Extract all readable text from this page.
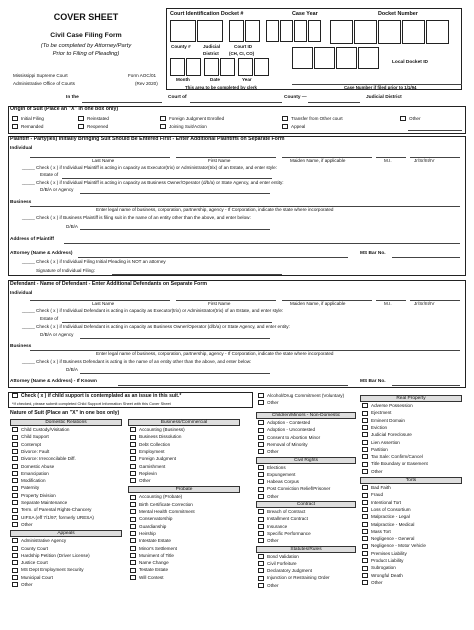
COVER SHEET
Civil Case Filing Form
(To be completed by Attorney/Party
Prior to Filing of Pleading)
Mississippi Supreme Court
Administrative Office of Courts
Form AOC/01
(Rev 2020)
Court Identification Docket #	Case Year	Docket Number
County #	Judicial
District
Court ID
(CH, CI, CO)
Local Docket ID
Month	Date	Year
This area to be completed by clerk	Case Number if filed prior to 1/1/94
In the	Court of	County —	Judicial District
Origin of Suit (Place an "X" in one box only)
Initial Filing	Reinstated	Foreign Judgment Enrolled	Transfer from Other court	Other
Remanded	Reopened	Joining Suit/Action	Appeal
Plaintiff - Party(ies) Initially Bringing Suit Should Be Entered First - Enter Additional Plaintiffs on Separate Form
Individual
Last Name	First Name	Maiden Name, if applicable	M.I.	Jr/Sr/III/IV
_____ Check ( x ) if Individual Plaintiff is acting in capacity as Executor(trix) or Administrator(trix) of an Estate, and enter style:
Estate of
_____ Check ( x ) if Individual Plaintiff is acting in capacity as Business Owner/Operator (d/b/a) or State Agency, and enter entity:
D/B/A or Agency
Business
Enter legal name of business, corporation, partnership, agency - If Corporation, indicate the state where incorporated
_____ Check ( x ) if Business Plaintiff is filing suit in the name of an entity other than the above, and enter below:
D/B/A
Address of Plaintiff
Attorney (Name & Address)	MS Bar No.
_____ Check ( x ) if Individual Filing Initial Pleading is NOT an attorney
Signature of Individual Filing:
Defendant - Name of Defendant - Enter Additional Defendants on Separate Form
Individual
Last Name	First Name	Maiden Name, if applicable	M.I.	Jr/Sr/III/IV
_____ Check ( x ) if Individual Defendant is acting in capacity as Executor(trix) or Administrator(trix) of an Estate, and enter style:
Estate of
_____ Check ( x ) if Individual Defendant is acting in capacity as Business Owner/Operator (d/b/a) or State Agency, and enter entity:
D/B/A or Agency
Business
Enter legal name of business, corporation, partnership, agency - If Corporation, indicate the state where incorporated
_____ Check ( x ) if Business Defendant is acting in the name of an entity other than the above, and enter below:
D/B/A
Attorney (Name & Address) - If Known	MS Bar No.
Check ( x ) if child support is contemplated as an issue in this suit.*
*If checked, please submit completed Child Support Information Sheet with this Cover Sheet
Nature of Suit (Place an "X" in one box only)
Alcohol/Drug Commitment (Voluntary)
Other
Domestic Relations
Child Custody/Visitation
Child Support
Contempt
Divorce: Fault
Divorce: Irreconcilable Diff.
Domestic Abuse
Emancipation
Modification
Paternity
Property Division
Separate Maintenance
Term. of Parental Rights-Chancery
UIFSA (eff 7/1/97; formerly URESA)
Other
Appeals
Administrative Agency
County Court
Hardship Petition (Driver License)
Justice Court
MS Dept Employment Security
Municipal Court
Other
Business/Commercial
Accounting (Business)
Business Dissolution
Debt Collection
Employment
Foreign Judgment
Garnishment
Replevin
Other
Probate
Accounting (Probate)
Birth Certificate Correction
Mental Health Commitment
Conservatorship
Guardianship
Heirship
Intestate Estate
Minor's Settlement
Muniment of Title
Name Change
Testate Estate
Will Contest
Children/Minors - Non-Domestic
Adoption - Contested
Adoption - Uncontested
Consent to Abortion Minor
Removal of Minority
Other
Civil Rights
Elections
Expungement
Habeas Corpus
Post Conviction Relief/Prisoner
Other
Contract
Breach of Contract
Installment Contract
Insurance
Specific Performance
Other
Statutes/Rules
Bond Validation
Civil Forfeiture
Declaratory Judgment
Injunction or Restraining Order
Other
Real Property
Adverse Possession
Ejectment
Eminent Domain
Eviction
Judicial Foreclosure
Lien Assertion
Partition
Tax Sale: Confirm/Cancel
Title Boundary or Easement
Other
Torts
Bad Faith
Fraud
Intentional Tort
Loss of Consortium
Malpractice - Legal
Malpractice - Medical
Mass Tort
Negligence - General
Negligence - Motor Vehicle
Premises Liability
Product Liability
Subrogation
Wrongful Death
Other
